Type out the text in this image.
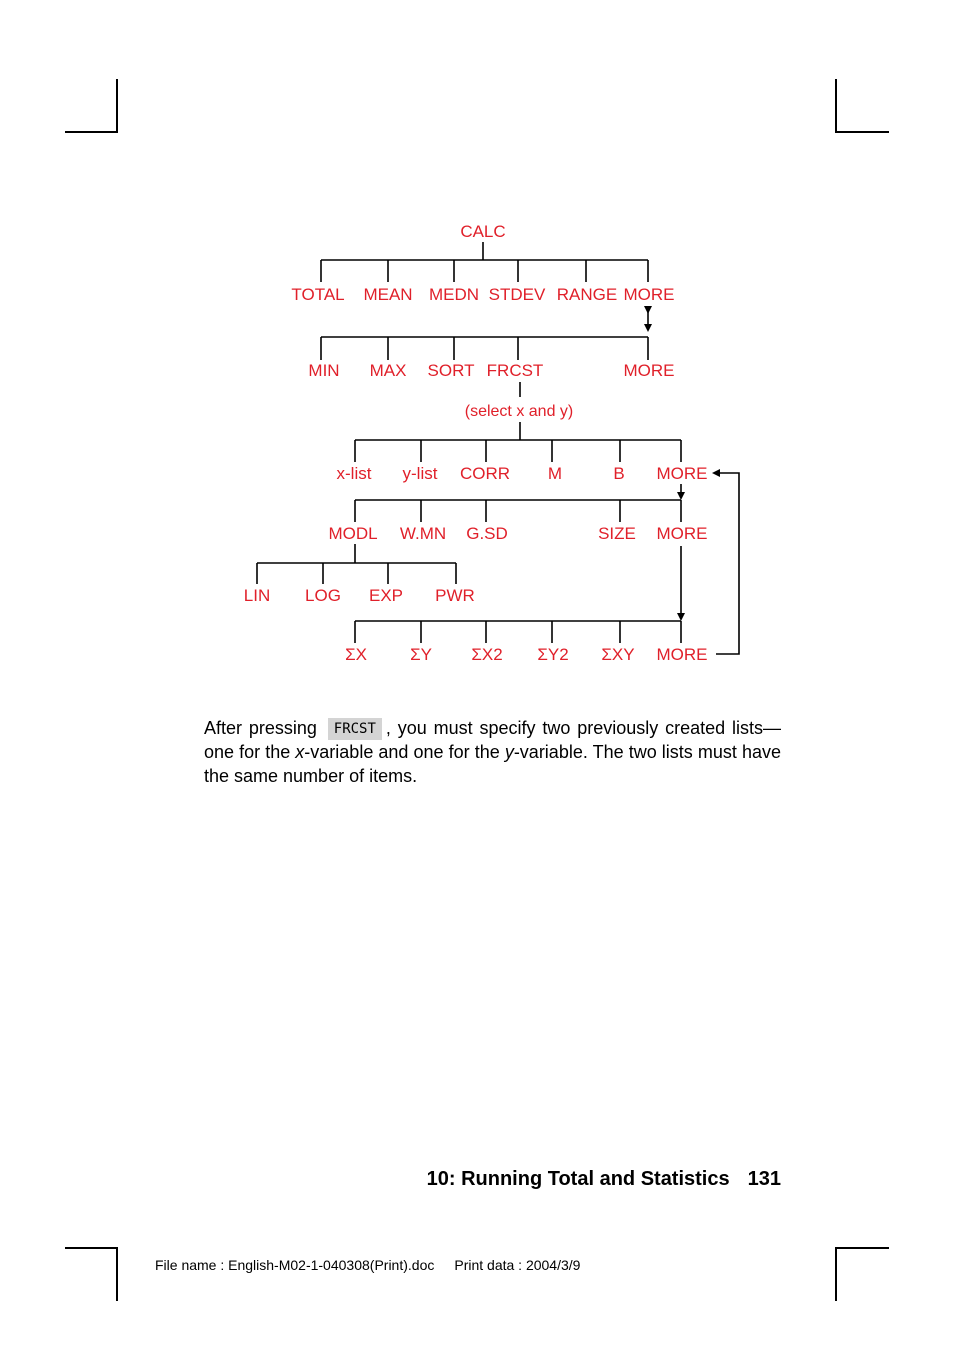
CALC
TOTAL MEAN MEDN STDEV RANGE MORE
MIN MAX SORT FRCST	MORE
(select x and y)
x-list y-list CORR M	B MORE
MODL W.MN G.SD	SIZE MORE
LIN LOG EXP PWR
ΣX	ΣY ΣX2 ΣY2 ΣXY MORE

After pressing FRCST , you must specify two previously created lists—one for the x-variable and one for the y-variable. The two lists must have the same number of items.

10: Running Total and Statistics 131
File name : English-M02-1-040308(Print).doc Print data : 2004/3/9
